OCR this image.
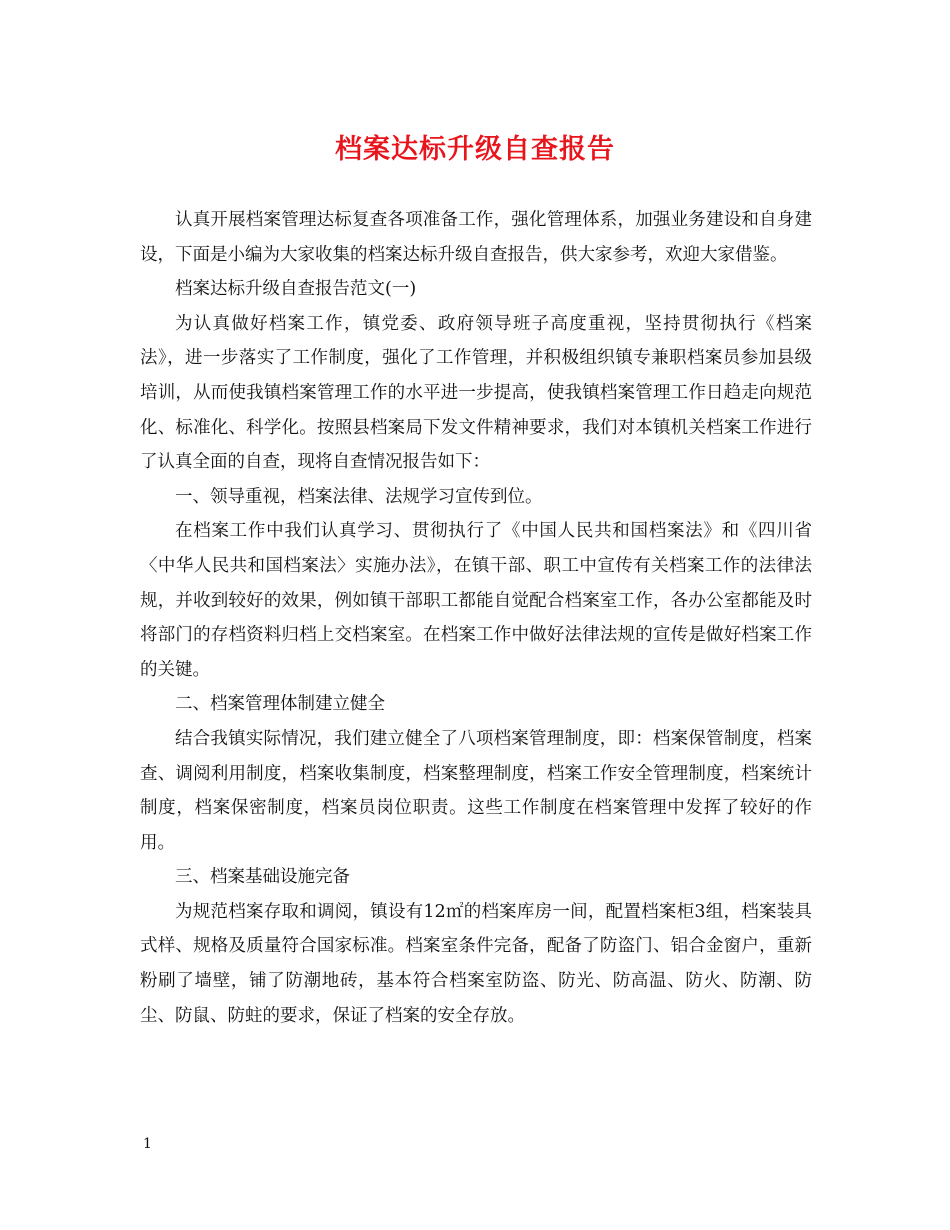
档案达标升级自查报告

认真开展档案管理达标复查各项准备工作，强化管理体系，加强业务建设和自身建设，下面是小编为大家收集的档案达标升级自查报告，供大家参考，欢迎大家借鉴。

档案达标升级自查报告范文(一)

为认真做好档案工作，镇党委、政府领导班子高度重视，坚持贯彻执行《档案法》，进一步落实了工作制度，强化了工作管理，并积极组织镇专兼职档案员参加县级培训，从而使我镇档案管理工作的水平进一步提高，使我镇档案管理工作日趋走向规范化、标准化、科学化。按照县档案局下发文件精神要求，我们对本镇机关档案工作进行了认真全面的自查，现将自查情况报告如下：

一、领导重视，档案法律、法规学习宣传到位。

在档案工作中我们认真学习、贯彻执行了《中国人民共和国档案法》和《四川省〈中华人民共和国档案法〉实施办法》，在镇干部、职工中宣传有关档案工作的法律法规，并收到较好的效果，例如镇干部职工都能自觉配合档案室工作，各办公室都能及时将部门的存档资料归档上交档案室。在档案工作中做好法律法规的宣传是做好档案工作的关键。

二、档案管理体制建立健全

结合我镇实际情况，我们建立健全了八项档案管理制度，即：档案保管制度，档案查、调阅利用制度，档案收集制度，档案整理制度，档案工作安全管理制度，档案统计制度，档案保密制度，档案员岗位职责。这些工作制度在档案管理中发挥了较好的作用。

三、档案基础设施完备

为规范档案存取和调阅，镇设有12㎡的档案库房一间，配置档案柜3组，档案装具式样、规格及质量符合国家标准。档案室条件完备，配备了防盗门、铝合金窗户，重新粉刷了墙壁，铺了防潮地砖，基本符合档案室防盗、防光、防高温、防火、防潮、防尘、防鼠、防蛀的要求，保证了档案的安全存放。

1
